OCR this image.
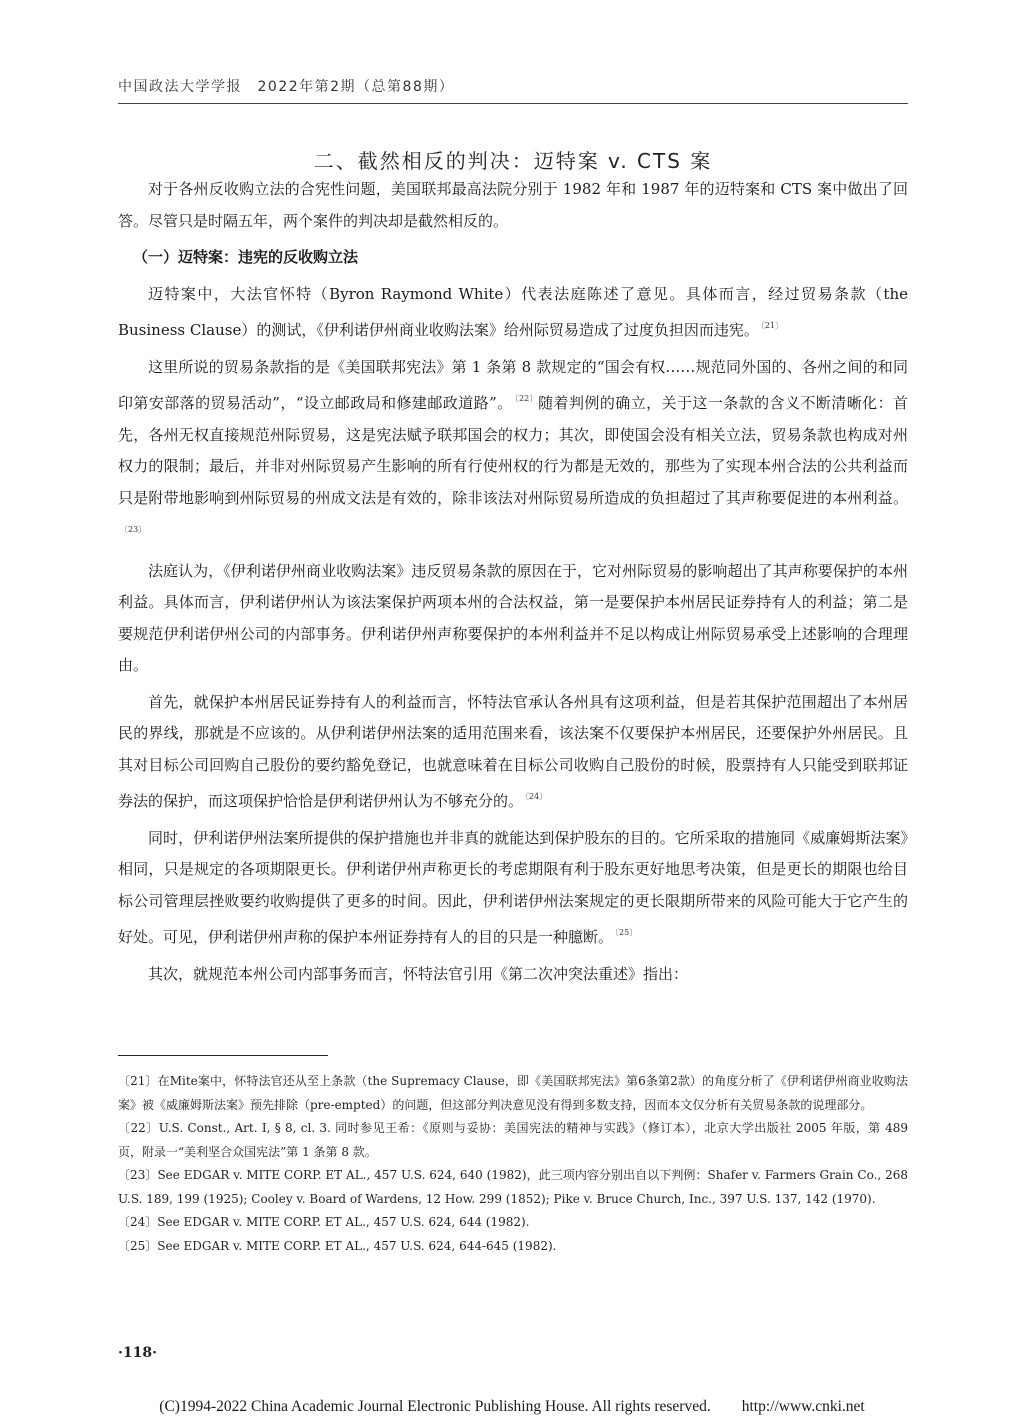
中国政法大学学报　2022年第2期（总第88期）
二、截然相反的判决：迈特案 v. CTS 案

对于各州反收购立法的合宪性问题，美国联邦最高法院分别于 1982 年和 1987 年的迈特案和 CTS 案中做出了回答。尽管只是时隔五年，两个案件的判决却是截然相反的。

（一）迈特案：违宪的反收购立法

迈特案中，大法官怀特（Byron Raymond White）代表法庭陈述了意见。具体而言，经过贸易条款（the Business Clause）的测试，《伊利诺伊州商业收购法案》给州际贸易造成了过度负担因而违宪。 $^{〔21〕}$

这里所说的贸易条款指的是《美国联邦宪法》第 1 条第 8 款规定的“国会有权……规范同外国的、各州之间的和同印第安部落的贸易活动”，“设立邮政局和修建邮政道路”。 $^{〔22〕}$随着判例的确立，关于这一条款的含义不断清晰化：首先，各州无权直接规范州际贸易，这是宪法赋予联邦国会的权力；其次，即使国会没有相关立法，贸易条款也构成对州权力的限制；最后，并非对州际贸易产生影响的所有行使州权的行为都是无效的，那些为了实现本州合法的公共利益而只是附带地影响到州际贸易的州成文法是有效的，除非该法对州际贸易所造成的负担超过了其声称要促进的本州利益。$^{〔23〕}$

法庭认为，《伊利诺伊州商业收购法案》违反贸易条款的原因在于，它对州际贸易的影响超出了其声称要保护的本州利益。具体而言，伊利诺伊州认为该法案保护两项本州的合法权益，第一是要保护本州居民证券持有人的利益；第二是要规范伊利诺伊州公司的内部事务。伊利诺伊州声称要保护的本州利益并不足以构成让州际贸易承受上述影响的合理理由。

首先，就保护本州居民证券持有人的利益而言，怀特法官承认各州具有这项利益，但是若其保护范围超出了本州居民的界线，那就是不应该的。从伊利诺伊州法案的适用范围来看，该法案不仅要保护本州居民，还要保护外州居民。且其对目标公司回购自己股份的要约豁免登记，也就意味着在目标公司收购自己股份的时候，股票持有人只能受到联邦证券法的保护，而这项保护恰恰是伊利诺伊州认为不够充分的。 $^{〔24〕}$

同时，伊利诺伊州法案所提供的保护措施也并非真的就能达到保护股东的目的。它所采取的措施同《威廉姆斯法案》相同，只是规定的各项期限更长。伊利诺伊州声称更长的考虑期限有利于股东更好地思考决策，但是更长的期限也给目标公司管理层挫败要约收购提供了更多的时间。因此，伊利诺伊州法案规定的更长限期所带来的风险可能大于它产生的好处。可见，伊利诺伊州声称的保护本州证券持有人的目的只是一种臆断。 $^{〔25〕}$

其次，就规范本州公司内部事务而言，怀特法官引用《第二次冲突法重述》指出：

〔21〕在Mite案中，怀特法官还从至上条款（the Supremacy Clause，即《美国联邦宪法》第6条第2款）的角度分析了《伊利诺伊州商业收购法案》被《威廉姆斯法案》预先排除（pre-empted）的问题，但这部分判决意见没有得到多数支持，因而本文仅分析有关贸易条款的说理部分。

〔22〕U.S. Const., Art. I, § 8, cl. 3. 同时参见王希：《原则与妥协：美国宪法的精神与实践》（修订本），北京大学出版社 2005 年版，第 489 页，附录一“美利坚合众国宪法”第 1 条第 8 款。

〔23〕See EDGAR v. MITE CORP. ET AL., 457 U.S. 624, 640 (1982)，此三项内容分别出自以下判例：Shafer v. Farmers Grain Co., 268 U.S. 189, 199 (1925); Cooley v. Board of Wardens, 12 How. 299 (1852); Pike v. Bruce Church, Inc., 397 U.S. 137, 142 (1970).

〔24〕See EDGAR v. MITE CORP. ET AL., 457 U.S. 624, 644 (1982).

〔25〕See EDGAR v. MITE CORP. ET AL., 457 U.S. 624, 644-645 (1982).

·118·
(C)1994-2022 China Academic Journal Electronic Publishing House. All rights reserved.　　http://www.cnki.net
